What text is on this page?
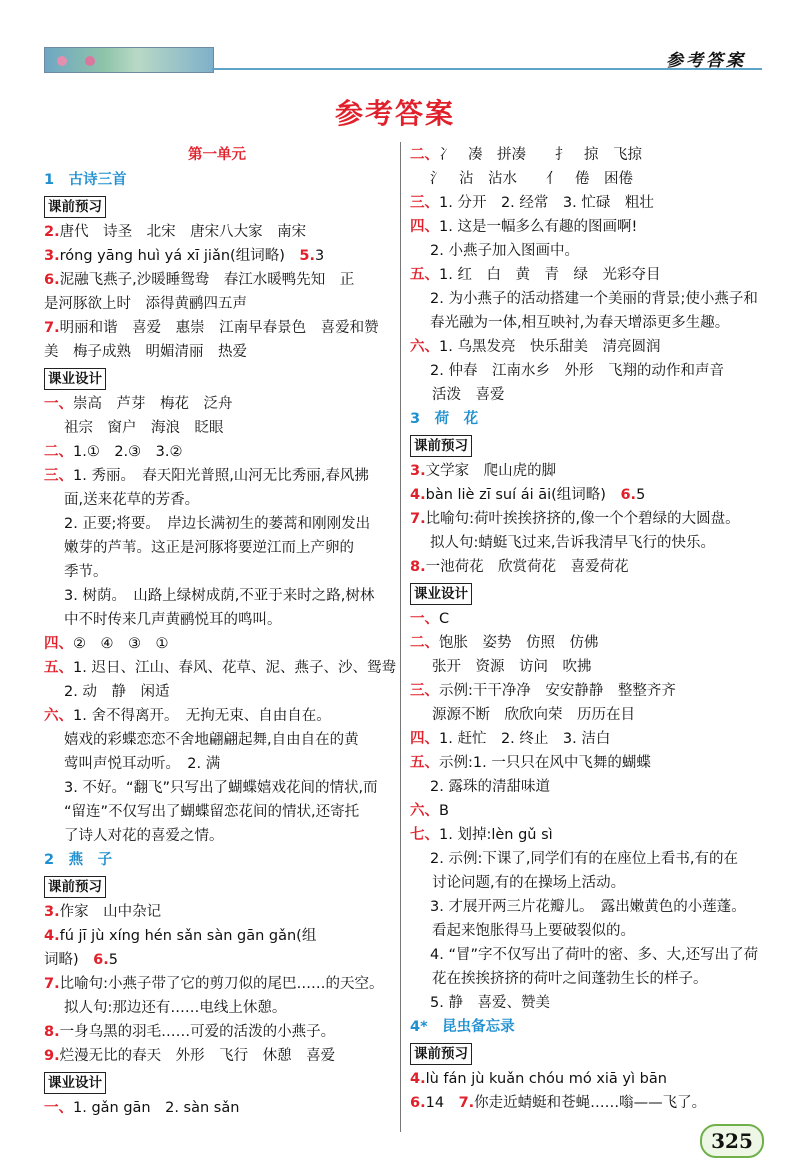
参考答案
参考答案
第一单元
1　古诗三首
课前预习
2.唐代　诗圣　北宋　唐宋八大家　南宋
3.róng yāng huì yá xī jiǎn(组词略)　 5.3
6.泥融飞燕子,沙暖睡鸳鸯　春江水暖鸭先知　正
是河豚欲上时　添得黄鹂四五声
7.明丽和谐　喜爱　惠崇　江南早春景色　喜爱和赞
美　梅子成熟　明媚清丽　热爱
课业设计
一、崇高　芦芽　梅花　泛舟
祖宗　窗户　海浪　眨眼
二、1.①　2.③　3.②
三、1. 秀丽。　春天阳光普照,山河无比秀丽,春风拂
面,送来花草的芳香。
2. 正要;将要。　岸边长满初生的蒌蒿和刚刚发出
嫩芽的芦苇。这正是河豚将要逆江而上产卵的
季节。
3. 树荫。　山路上绿树成荫,不亚于来时之路,树林
中不时传来几声黄鹂悦耳的鸣叫。
四、②　④　③　①
五、1. 迟日、江山、春风、花草、泥、燕子、沙、鸳鸯
2. 动　静　闲适
六、1. 舍不得离开。　无拘无束、自由自在。
嬉戏的彩蝶恋恋不舍地翩翩起舞,自由自在的黄
莺叫声悦耳动听。　2. 满
3. 不好。“翻飞”只写出了蝴蝶嬉戏花间的情状,而
“留连”不仅写出了蝴蝶留恋花间的情状,还寄托
了诗人对花的喜爱之情。
2　燕　子
课前预习
3.作家　山中杂记
4.fú jī jù xíng hén sǎn sàn gān gǎn(组
词略)　 6.5
7.比喻句:小燕子带了它的剪刀似的尾巴……的天空。
拟人句:那边还有……电线上休憩。
8.一身乌黑的羽毛……可爱的活泼的小燕子。
9.烂漫无比的春天　外形　飞行　休憩　喜爱
课业设计
一、1. gǎn gān　2. sàn sǎn
二、冫　凑　拼凑　　扌　掠　飞掠
氵　沾　沾水　　亻　倦　困倦
三、1. 分开　2. 经常　3. 忙碌　粗壮
四、1. 这是一幅多么有趣的图画啊!
2. 小燕子加入图画中。
五、1. 红　白　黄　青　绿　光彩夺目
2. 为小燕子的活动搭建一个美丽的背景;使小燕子和
春光融为一体,相互映衬,为春天增添更多生趣。
六、1. 乌黑发亮　快乐甜美　清亮圆润
2. 仲春　江南水乡　外形　飞翔的动作和声音
活泼　喜爱
3　荷　花
课前预习
3.文学家　爬山虎的脚
4.bàn liè zī suí ái āi(组词略)　 6.5
7.比喻句:荷叶挨挨挤挤的,像一个个碧绿的大圆盘。
拟人句:蜻蜓飞过来,告诉我清早飞行的快乐。
8.一池荷花　欣赏荷花　喜爱荷花
课业设计
一、C
二、饱胀　姿势　仿照　仿佛
张开　资源　访问　吹拂
三、示例:干干净净　安安静静　整整齐齐
源源不断　欣欣向荣　历历在目
四、1. 赶忙　2. 终止　3. 洁白
五、示例:1. 一只只在风中飞舞的蝴蝶
2. 露珠的清甜味道
六、B
七、1. 划掉:lèn gǔ sì
2. 示例:下课了,同学们有的在座位上看书,有的在
讨论问题,有的在操场上活动。
3. 才展开两三片花瓣儿。　露出嫩黄色的小莲蓬。
看起来饱胀得马上要破裂似的。
4. “冒”字不仅写出了荷叶的密、多、大,还写出了荷
花在挨挨挤挤的荷叶之间蓬勃生长的样子。
5. 静　喜爱、赞美
4*　昆虫备忘录
课前预习
4.lù fán jù kuǎn chóu mó xiā yì bān
6.14　 7.你走近蜻蜓和苍蝇……嗡——飞了。
325
